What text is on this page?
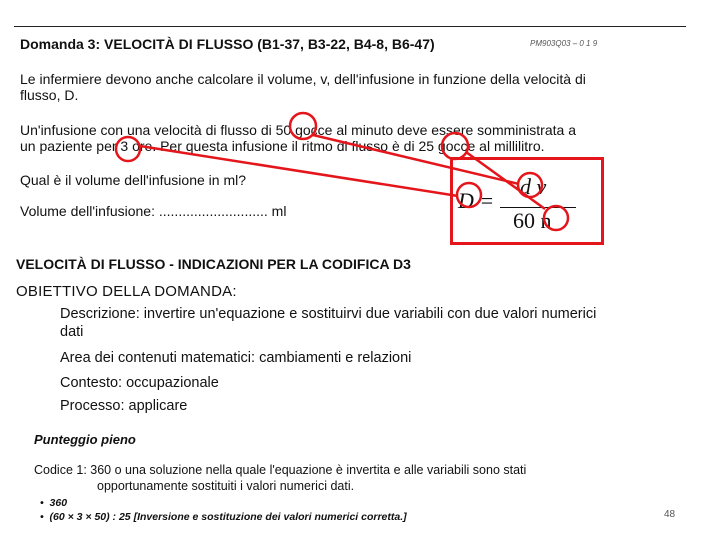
Domanda 3: VELOCITÀ DI FLUSSO (B1-37, B3-22, B4-8, B6-47)	PM903Q03 – 0 1 9
Le infermiere devono anche calcolare il volume, v, dell'infusione in funzione della velocità di
flusso, D.
Un'infusione con una velocità di flusso di 50 gocce al minuto deve essere somministrata a
un paziente per 3 ore. Per questa infusione il ritmo di flusso è di 25 gocce al millilitro.
Qual è il volume dell'infusione in ml?
Volume dell'infusione: ............................ ml	D =
d v
60 n
VELOCITÀ DI FLUSSO - INDICAZIONI PER LA CODIFICA D3
OBIETTIVO DELLA DOMANDA:
Descrizione: invertire un'equazione e sostituirvi due variabili con due valori numerici
dati
Area dei contenuti matematici: cambiamenti e relazioni
Contesto: occupazionale
Processo: applicare
Punteggio pieno
Codice 1: 360 o una soluzione nella quale l'equazione è invertita e alle variabili sono stati
opportunamente sostituiti i valori numerici dati.
•  360
•  (60 × 3 × 50) : 25 [Inversione e sostituzione dei valori numerici corretta.]	48
